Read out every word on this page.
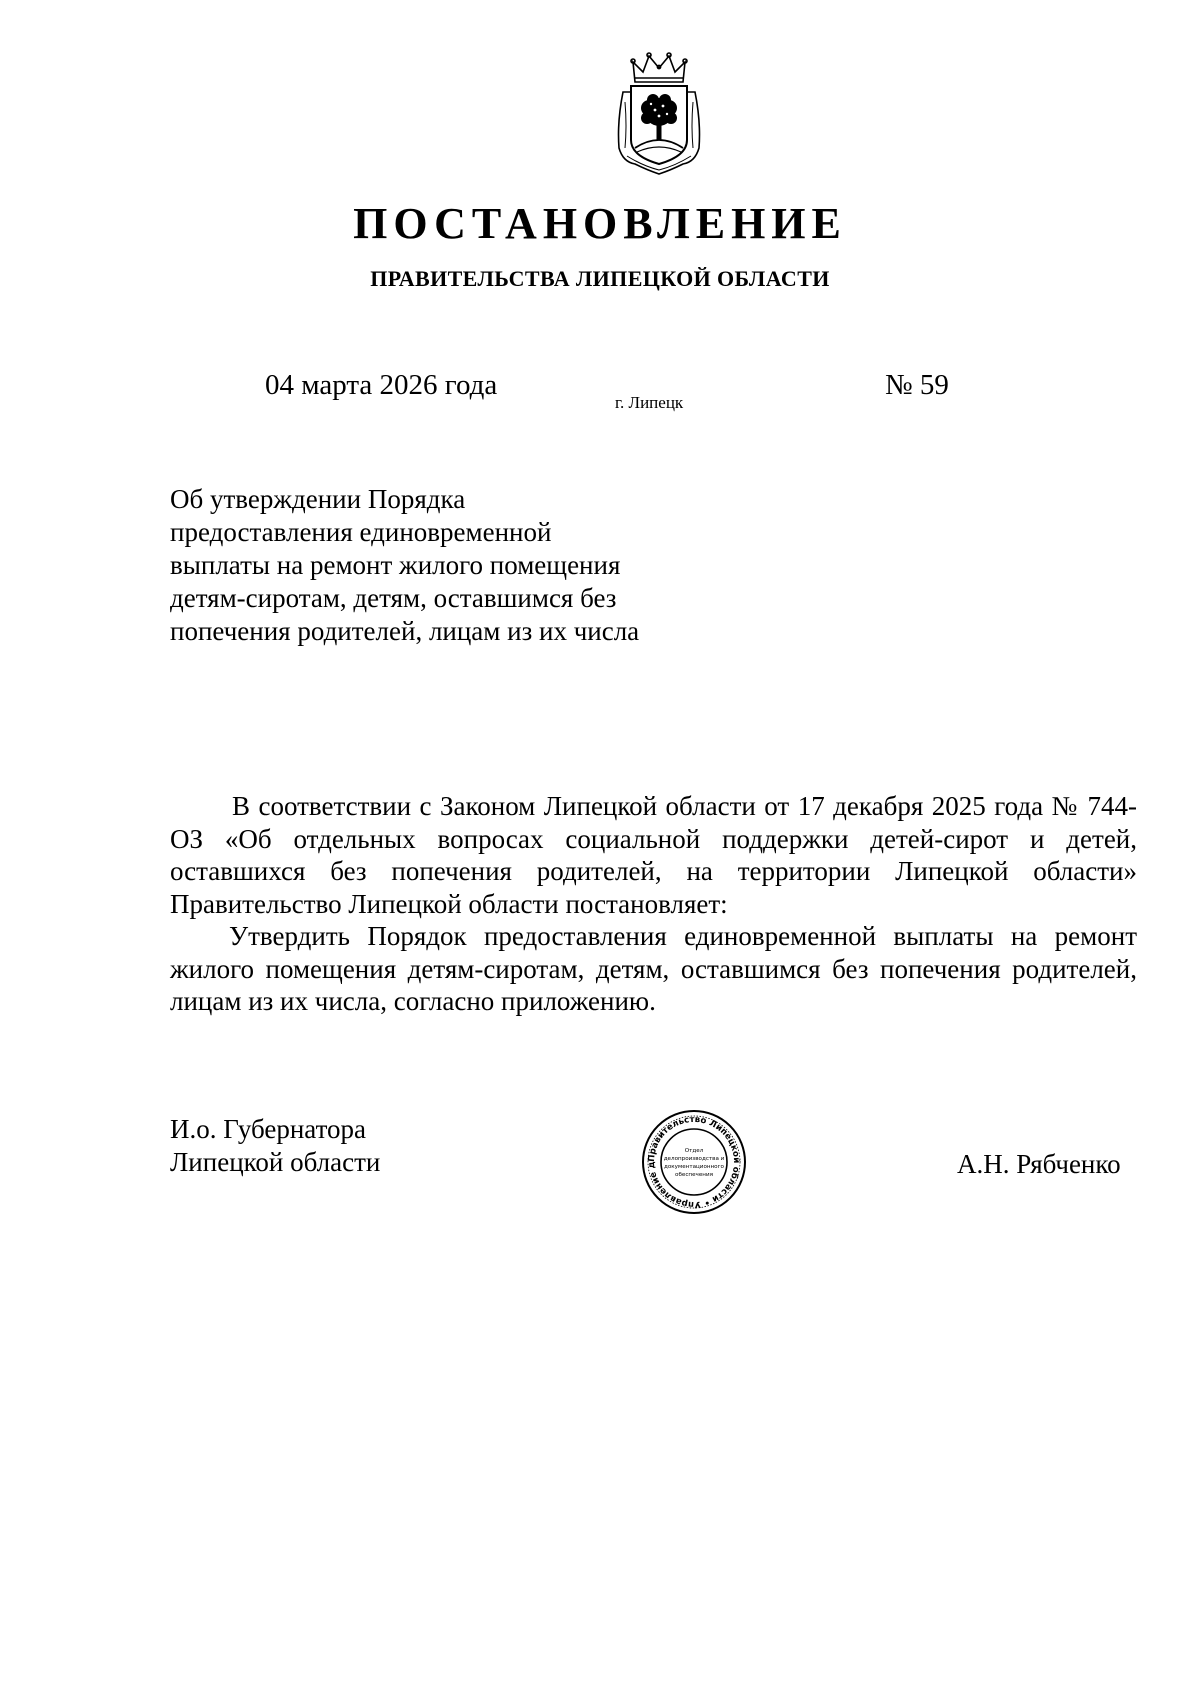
ПОСТАНОВЛЕНИЕ
ПРАВИТЕЛЬСТВА ЛИПЕЦКОЙ ОБЛАСТИ
04 марта 2026 года
г. Липецк
№ 59
Об утверждении Порядка
предоставления единовременной
выплаты на ремонт жилого помещения
детям-сиротам, детям, оставшимся без
попечения родителей, лицам из их числа

В соответствии с Законом Липецкой области от 17 декабря 2025 года № 744-ОЗ «Об отдельных вопросах социальной поддержки детей-сирот и детей, оставшихся без попечения родителей, на территории Липецкой области» Правительство Липецкой области постановляет:

Утвердить Порядок предоставления единовременной выплаты на ремонт жилого помещения детям-сиротам, детям, оставшимся без попечения родителей, лицам из их числа, согласно приложению.

И.о. Губернатора
Липецкой области	Правительство Липецкой области • Управление д
Отдел
делопроизводства и
документационного
обеспечения	А.Н. Рябченко
